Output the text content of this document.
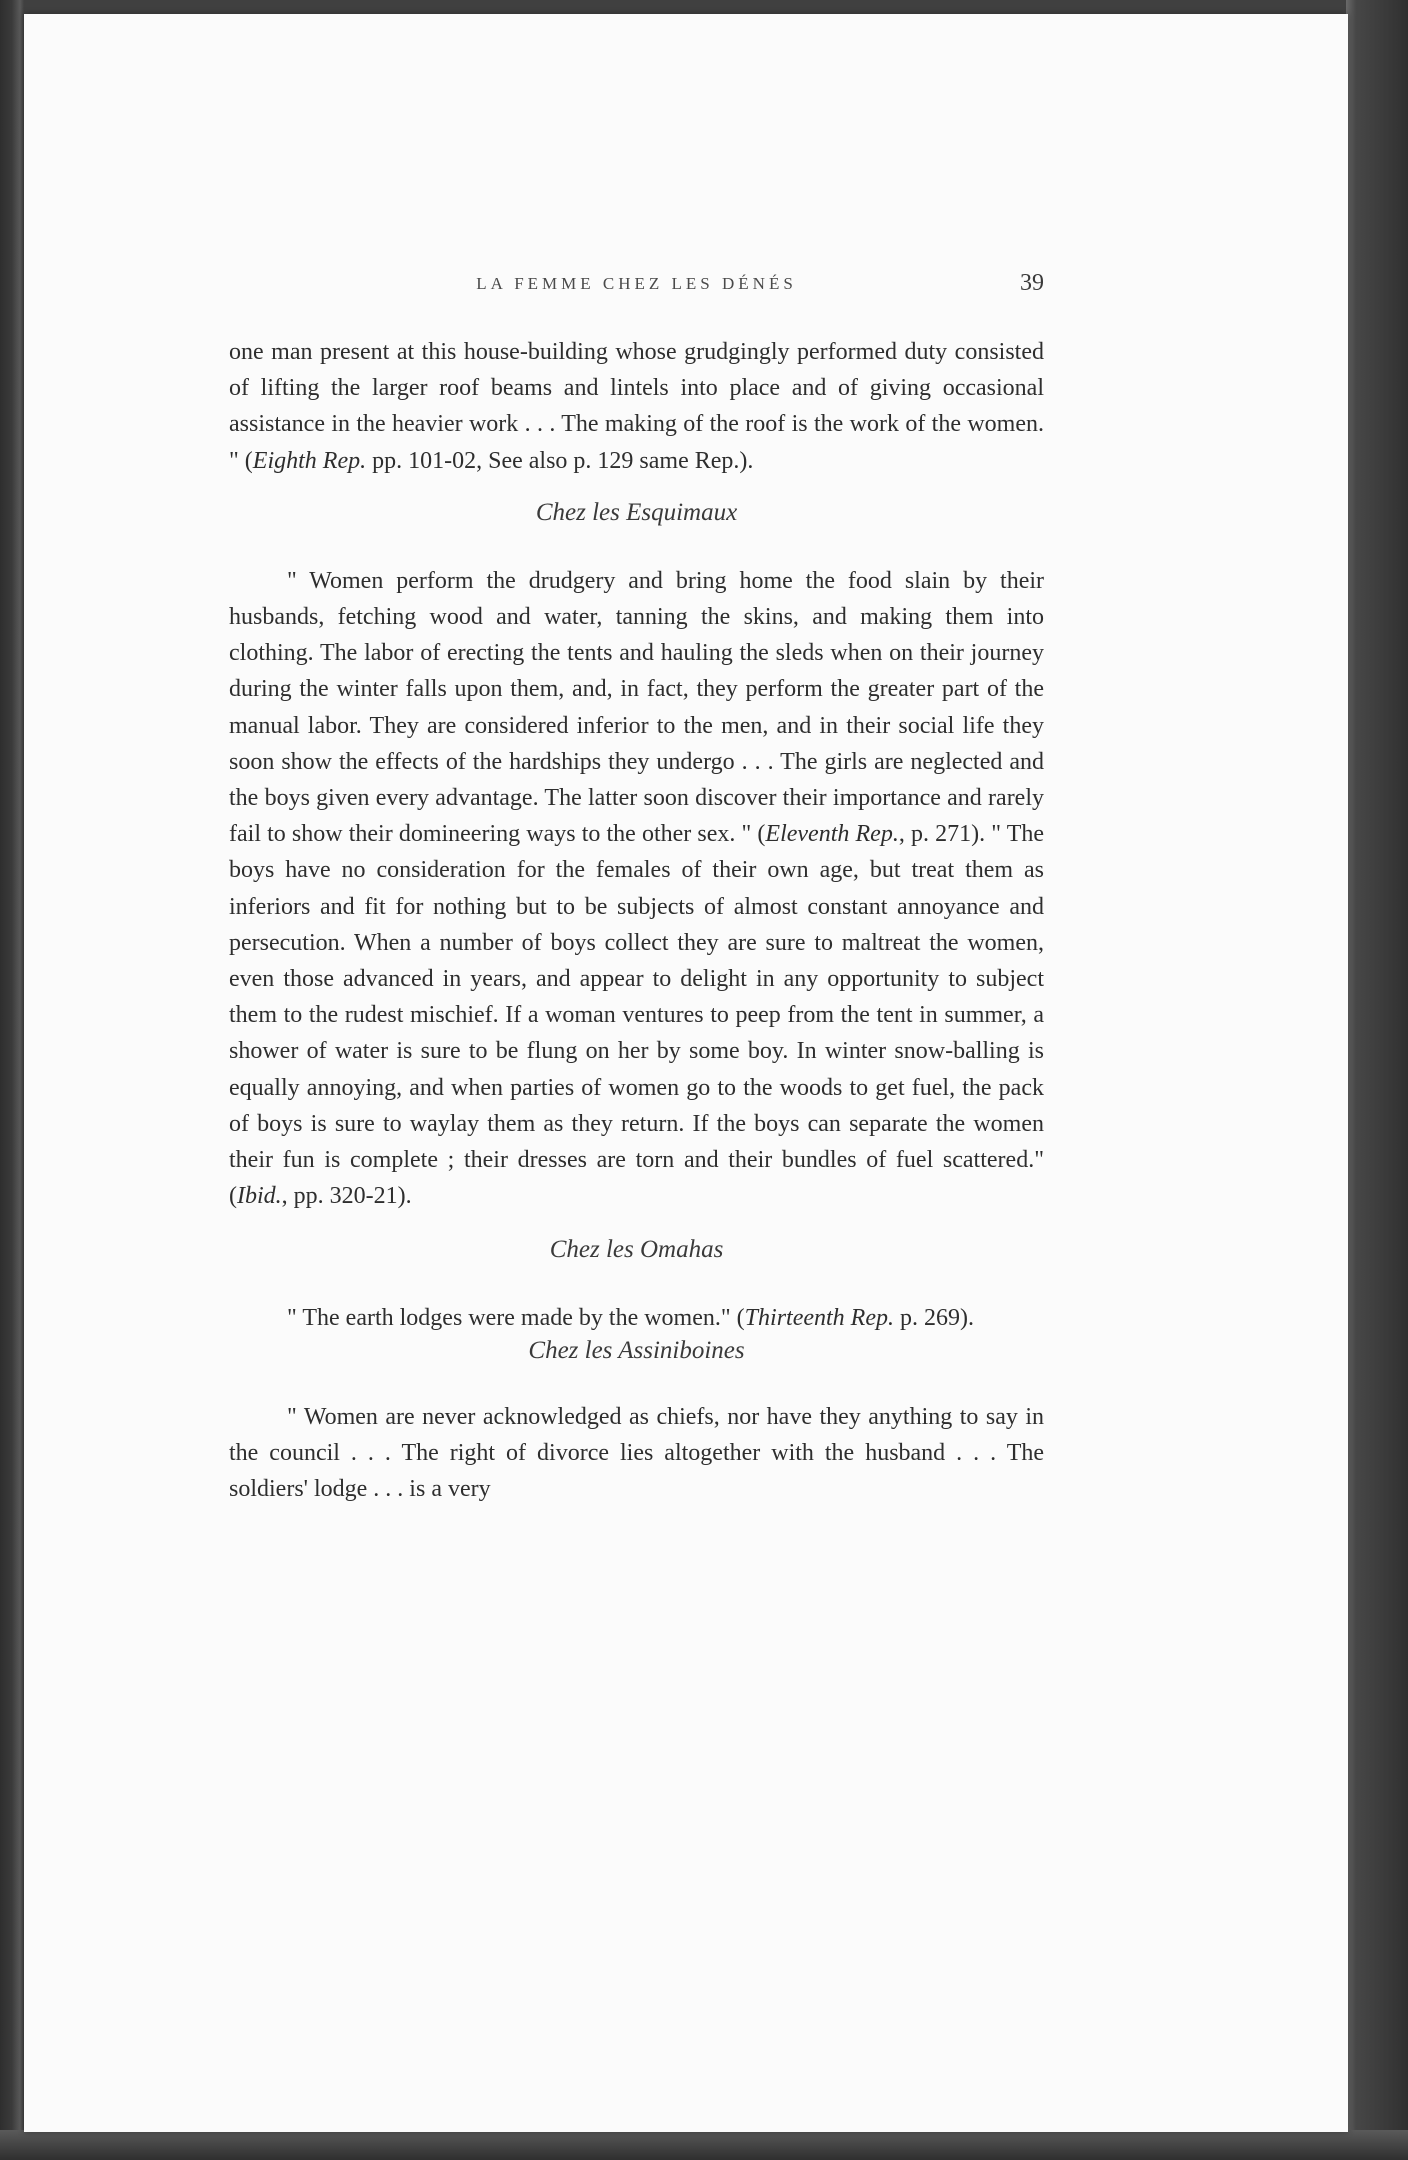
LA FEMME CHEZ LES DÉNÉS	39

one man present at this house-building whose grudgingly performed duty consisted of lifting the larger roof beams and lintels into place and of giving occasional assistance in the heavier work . . . The making of the roof is the work of the women. " (Eighth Rep. pp. 101-02, See also p. 129 same Rep.).

Chez les Esquimaux

" Women perform the drudgery and bring home the food slain by their husbands, fetching wood and water, tanning the skins, and making them into clothing. The labor of erecting the tents and hauling the sleds when on their journey during the winter falls upon them, and, in fact, they perform the greater part of the manual labor. They are considered inferior to the men, and in their social life they soon show the effects of the hardships they undergo . . . The girls are neglected and the boys given every advantage. The latter soon discover their importance and rarely fail to show their domineering ways to the other sex. " (Eleventh Rep., p. 271). " The boys have no consideration for the females of their own age, but treat them as inferiors and fit for nothing but to be subjects of almost constant annoyance and persecution. When a number of boys collect they are sure to maltreat the women, even those advanced in years, and appear to delight in any opportunity to subject them to the rudest mischief. If a woman ventures to peep from the tent in summer, a shower of water is sure to be flung on her by some boy. In winter snow-balling is equally annoying, and when parties of women go to the woods to get fuel, the pack of boys is sure to waylay them as they return. If the boys can separate the women their fun is complete ; their dresses are torn and their bundles of fuel scattered." (Ibid., pp. 320-21).

Chez les Omahas

" The earth lodges were made by the women." (Thirteenth Rep. p. 269).

Chez les Assiniboines

" Women are never acknowledged as chiefs, nor have they anything to say in the council . . . The right of divorce lies altogether with the husband . . . The soldiers' lodge . . . is a very
